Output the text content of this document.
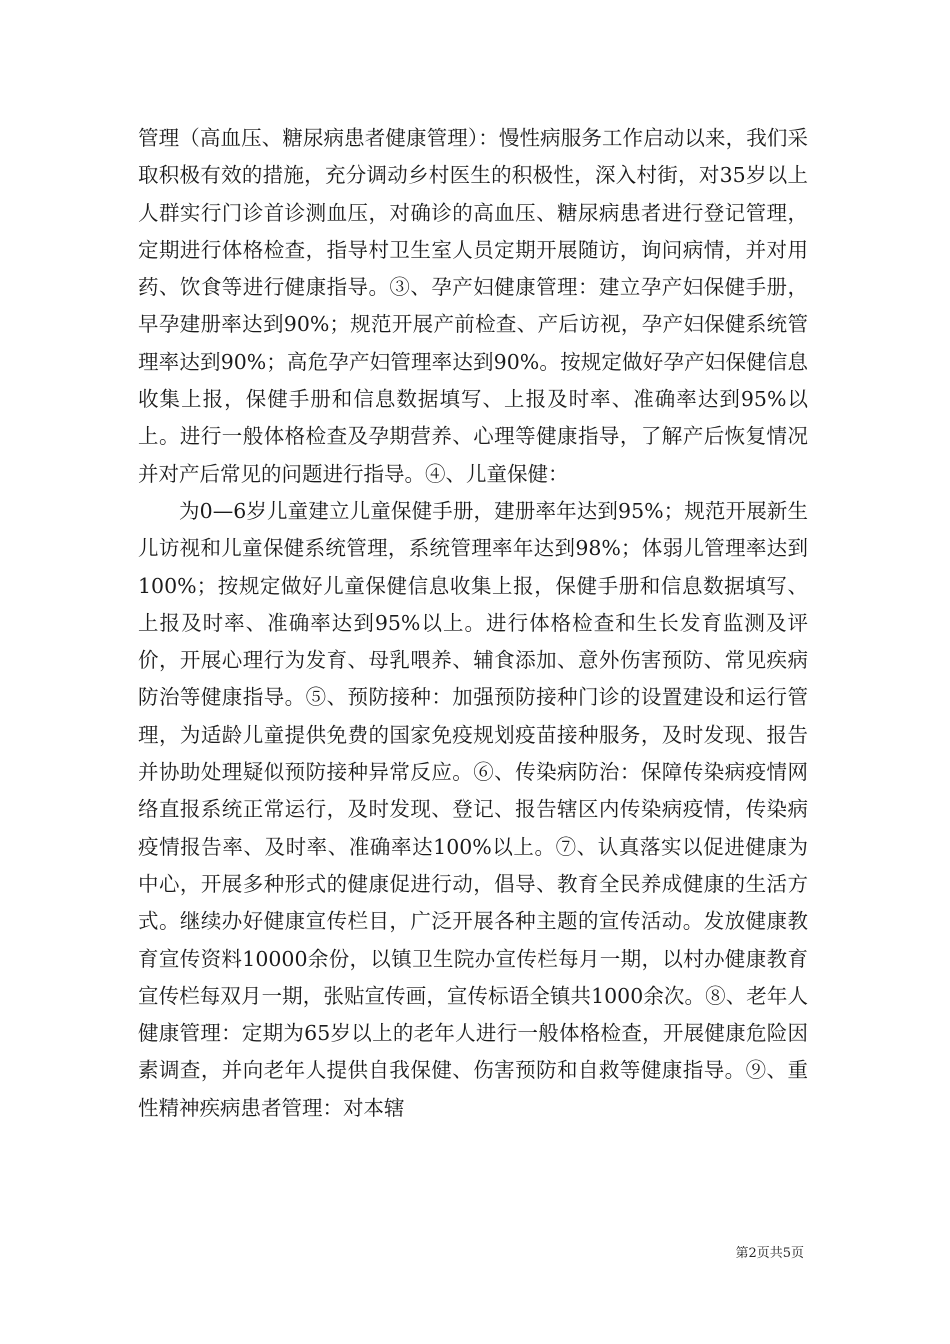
管理（高血压、糖尿病患者健康管理）：慢性病服务工作启动以来，我们采取积极有效的措施，充分调动乡村医生的积极性，深入村街，对35岁以上人群实行门诊首诊测血压，对确诊的高血压、糖尿病患者进行登记管理，定期进行体格检查，指导村卫生室人员定期开展随访，询问病情，并对用药、饮食等进行健康指导。③、孕产妇健康管理：建立孕产妇保健手册，早孕建册率达到90%；规范开展产前检查、产后访视，孕产妇保健系统管理率达到90%；高危孕产妇管理率达到90%。按规定做好孕产妇保健信息收集上报，保健手册和信息数据填写、上报及时率、准确率达到95%以上。进行一般体格检查及孕期营养、心理等健康指导，了解产后恢复情况并对产后常见的问题进行指导。④、儿童保健：

为0—6岁儿童建立儿童保健手册，建册率年达到95%；规范开展新生儿访视和儿童保健系统管理，系统管理率年达到98%；体弱儿管理率达到100%；按规定做好儿童保健信息收集上报，保健手册和信息数据填写、上报及时率、准确率达到95%以上。进行体格检查和生长发育监测及评价，开展心理行为发育、母乳喂养、辅食添加、意外伤害预防、常见疾病防治等健康指导。⑤、预防接种：加强预防接种门诊的设置建设和运行管理，为适龄儿童提供免费的国家免疫规划疫苗接种服务，及时发现、报告并协助处理疑似预防接种异常反应。⑥、传染病防治：保障传染病疫情网络直报系统正常运行，及时发现、登记、报告辖区内传染病疫情，传染病疫情报告率、及时率、准确率达100%以上。⑦、认真落实以促进健康为中心，开展多种形式的健康促进行动，倡导、教育全民养成健康的生活方式。继续办好健康宣传栏目，广泛开展各种主题的宣传活动。发放健康教育宣传资料10000余份，以镇卫生院办宣传栏每月一期，以村办健康教育宣传栏每双月一期，张贴宣传画，宣传标语全镇共1000余次。⑧、老年人健康管理：定期为65岁以上的老年人进行一般体格检查，开展健康危险因素调查，并向老年人提供自我保健、伤害预防和自救等健康指导。⑨、重性精神疾病患者管理：对本辖

第2页共5页
